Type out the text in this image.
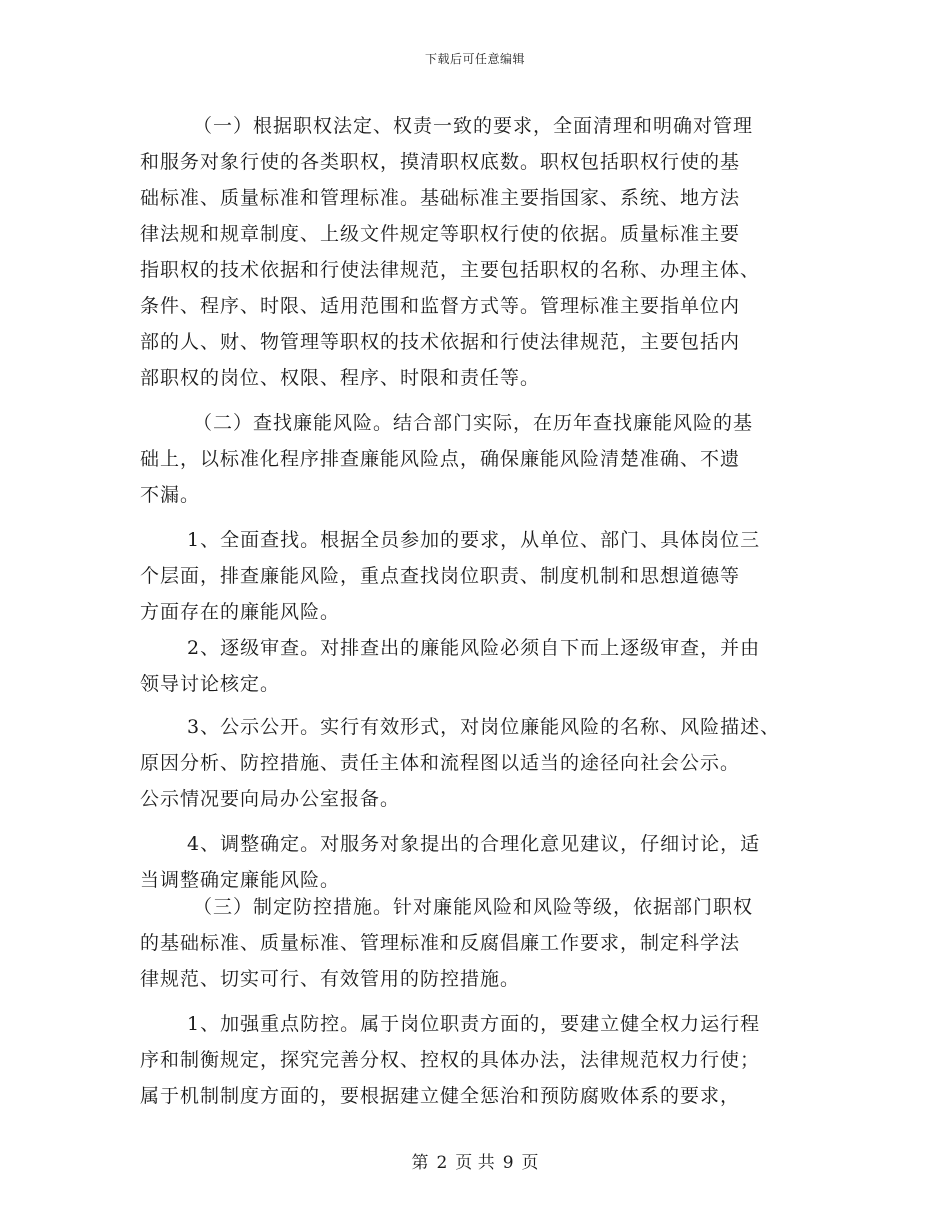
下载后可任意编辑
（一）根据职权法定、权责一致的要求，全面清理和明确对管理
和服务对象行使的各类职权，摸清职权底数。职权包括职权行使的基
础标准、质量标准和管理标准。基础标准主要指国家、系统、地方法
律法规和规章制度、上级文件规定等职权行使的依据。质量标准主要
指职权的技术依据和行使法律规范，主要包括职权的名称、办理主体、
条件、程序、时限、适用范围和监督方式等。管理标准主要指单位内
部的人、财、物管理等职权的技术依据和行使法律规范，主要包括内
部职权的岗位、权限、程序、时限和责任等。
（二）查找廉能风险。结合部门实际，在历年查找廉能风险的基
础上，以标准化程序排查廉能风险点，确保廉能风险清楚准确、不遗
不漏。
1、全面查找。根据全员参加的要求，从单位、部门、具体岗位三
个层面，排查廉能风险，重点查找岗位职责、制度机制和思想道德等
方面存在的廉能风险。
2、逐级审查。对排查出的廉能风险必须自下而上逐级审查，并由
领导讨论核定。
3、公示公开。实行有效形式，对岗位廉能风险的名称、风险描述、
原因分析、防控措施、责任主体和流程图以适当的途径向社会公示。
公示情况要向局办公室报备。
4、调整确定。对服务对象提出的合理化意见建议，仔细讨论，适
当调整确定廉能风险。
（三）制定防控措施。针对廉能风险和风险等级，依据部门职权
的基础标准、质量标准、管理标准和反腐倡廉工作要求，制定科学法
律规范、切实可行、有效管用的防控措施。
1、加强重点防控。属于岗位职责方面的，要建立健全权力运行程
序和制衡规定，探究完善分权、控权的具体办法，法律规范权力行使；
属于机制制度方面的，要根据建立健全惩治和预防腐败体系的要求，
第 2 页 共 9 页
